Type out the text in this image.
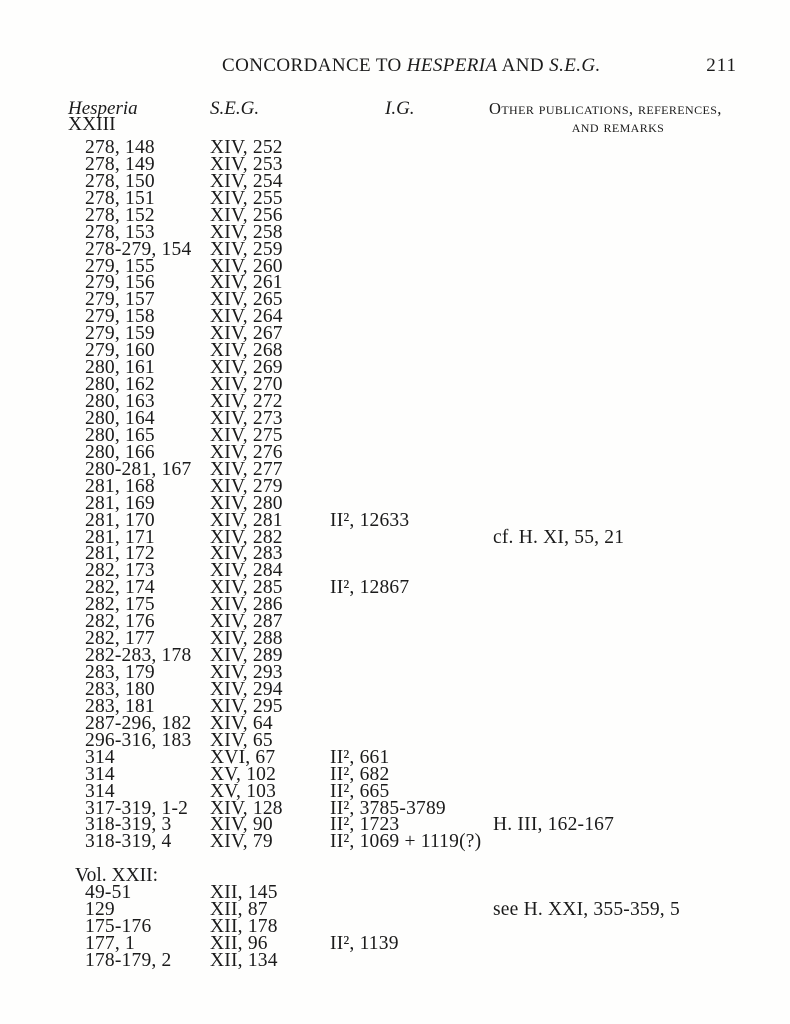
CONCORDANCE TO HESPERIA AND S.E.G.	211
Hesperia	S.E.G.	I.G.	Other publications, references,
and remarks
XXIII
278, 148	XIV, 252
278, 149	XIV, 253
278, 150	XIV, 254
278, 151	XIV, 255
278, 152	XIV, 256
278, 153	XIV, 258
278-279, 154 XIV, 259
279, 155	XIV, 260
279, 156	XIV, 261
279, 157	XIV, 265
279, 158	XIV, 264
279, 159	XIV, 267
279, 160	XIV, 268
280, 161	XIV, 269
280, 162	XIV, 270
280, 163	XIV, 272
280, 164	XIV, 273
280, 165	XIV, 275
280, 166	XIV, 276
280-281, 167 XIV, 277
281, 168	XIV, 279
281, 169	XIV, 280
281, 170	XIV, 281 II², 12633
281, 171	XIV, 282	cf. H. XI, 55, 21
281, 172	XIV, 283
282, 173	XIV, 284
282, 174	XIV, 285 II², 12867
282, 175	XIV, 286
282, 176	XIV, 287
282, 177	XIV, 288
282-283, 178 XIV, 289
283, 179	XIV, 293
283, 180	XIV, 294
283, 181	XIV, 295
287-296, 182 XIV, 64
296-316, 183 XIV, 65
314	XVI, 67	II², 661
314	XV, 102	II², 682
314	XV, 103	II², 665
317-319, 1-2 XIV, 128 II², 3785-3789
318-319, 3 XIV, 90	II², 1723	H. III, 162-167
318-319, 4 XIV, 79	II², 1069 + 1119(?)
Vol. XXII:
49-51	XII, 145
129	XII, 87	see H. XXI, 355-359, 5
175-176	XII, 178
177, 1	XII, 96	II², 1139
178-179, 2 XII, 134
